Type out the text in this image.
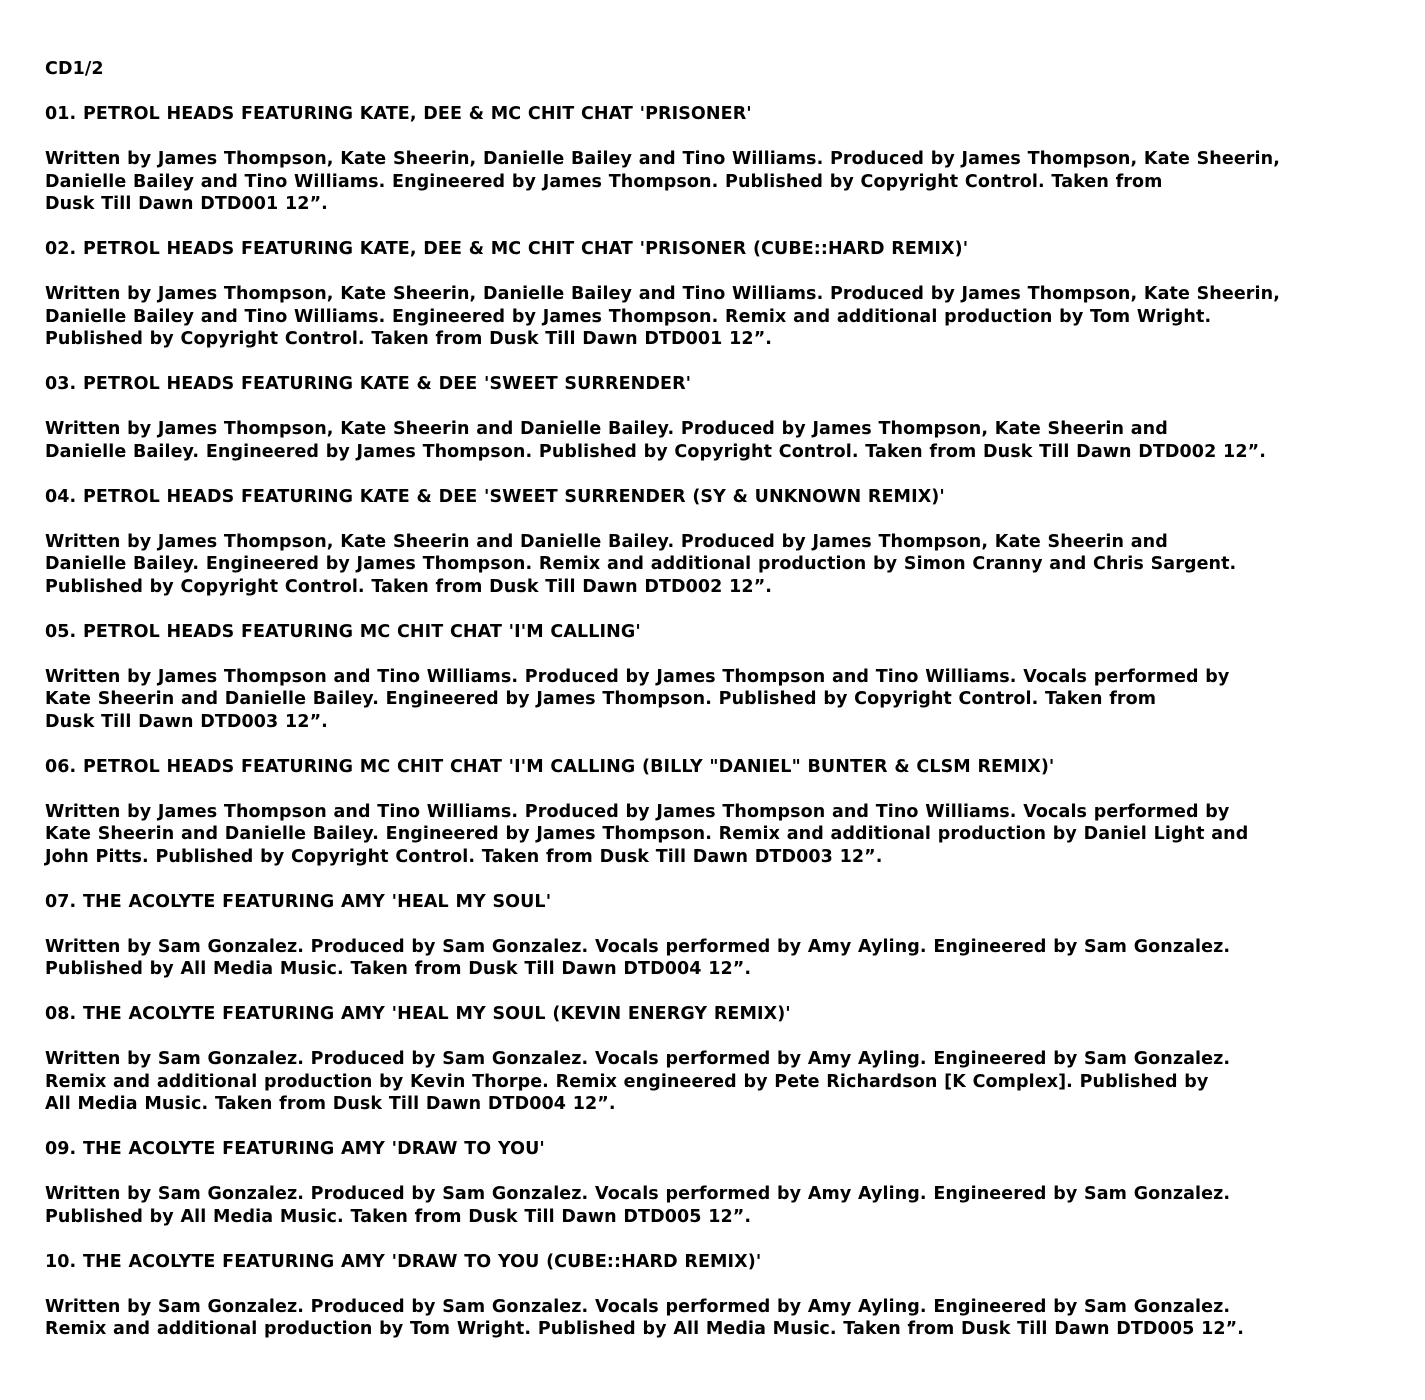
CD1/2
01. PETROL HEADS FEATURING KATE, DEE & MC CHIT CHAT 'PRISONER'
Written by James Thompson, Kate Sheerin, Danielle Bailey and Tino Williams. Produced by James Thompson, Kate Sheerin,
Danielle Bailey and Tino Williams. Engineered by James Thompson. Published by Copyright Control. Taken from
Dusk Till Dawn DTD001 12”.
02. PETROL HEADS FEATURING KATE, DEE & MC CHIT CHAT 'PRISONER (CUBE::HARD REMIX)'
Written by James Thompson, Kate Sheerin, Danielle Bailey and Tino Williams. Produced by James Thompson, Kate Sheerin,
Danielle Bailey and Tino Williams. Engineered by James Thompson. Remix and additional production by Tom Wright.
Published by Copyright Control. Taken from Dusk Till Dawn DTD001 12”.
03. PETROL HEADS FEATURING KATE & DEE 'SWEET SURRENDER'
Written by James Thompson, Kate Sheerin and Danielle Bailey. Produced by James Thompson, Kate Sheerin and
Danielle Bailey. Engineered by James Thompson. Published by Copyright Control. Taken from Dusk Till Dawn DTD002 12”.
04. PETROL HEADS FEATURING KATE & DEE 'SWEET SURRENDER (SY & UNKNOWN REMIX)'
Written by James Thompson, Kate Sheerin and Danielle Bailey. Produced by James Thompson, Kate Sheerin and
Danielle Bailey. Engineered by James Thompson. Remix and additional production by Simon Cranny and Chris Sargent.
Published by Copyright Control. Taken from Dusk Till Dawn DTD002 12”.
05. PETROL HEADS FEATURING MC CHIT CHAT 'I'M CALLING'
Written by James Thompson and Tino Williams. Produced by James Thompson and Tino Williams. Vocals performed by
Kate Sheerin and Danielle Bailey. Engineered by James Thompson. Published by Copyright Control. Taken from
Dusk Till Dawn DTD003 12”.
06. PETROL HEADS FEATURING MC CHIT CHAT 'I'M CALLING (BILLY "DANIEL" BUNTER & CLSM REMIX)'
Written by James Thompson and Tino Williams. Produced by James Thompson and Tino Williams. Vocals performed by
Kate Sheerin and Danielle Bailey. Engineered by James Thompson. Remix and additional production by Daniel Light and
John Pitts. Published by Copyright Control. Taken from Dusk Till Dawn DTD003 12”.
07. THE ACOLYTE FEATURING AMY 'HEAL MY SOUL'
Written by Sam Gonzalez. Produced by Sam Gonzalez. Vocals performed by Amy Ayling. Engineered by Sam Gonzalez.
Published by All Media Music. Taken from Dusk Till Dawn DTD004 12”.
08. THE ACOLYTE FEATURING AMY 'HEAL MY SOUL (KEVIN ENERGY REMIX)'
Written by Sam Gonzalez. Produced by Sam Gonzalez. Vocals performed by Amy Ayling. Engineered by Sam Gonzalez.
Remix and additional production by Kevin Thorpe. Remix engineered by Pete Richardson [K Complex]. Published by
All Media Music. Taken from Dusk Till Dawn DTD004 12”.
09. THE ACOLYTE FEATURING AMY 'DRAW TO YOU'
Written by Sam Gonzalez. Produced by Sam Gonzalez. Vocals performed by Amy Ayling. Engineered by Sam Gonzalez.
Published by All Media Music. Taken from Dusk Till Dawn DTD005 12”.
10. THE ACOLYTE FEATURING AMY 'DRAW TO YOU (CUBE::HARD REMIX)'
Written by Sam Gonzalez. Produced by Sam Gonzalez. Vocals performed by Amy Ayling. Engineered by Sam Gonzalez.
Remix and additional production by Tom Wright. Published by All Media Music. Taken from Dusk Till Dawn DTD005 12”.
